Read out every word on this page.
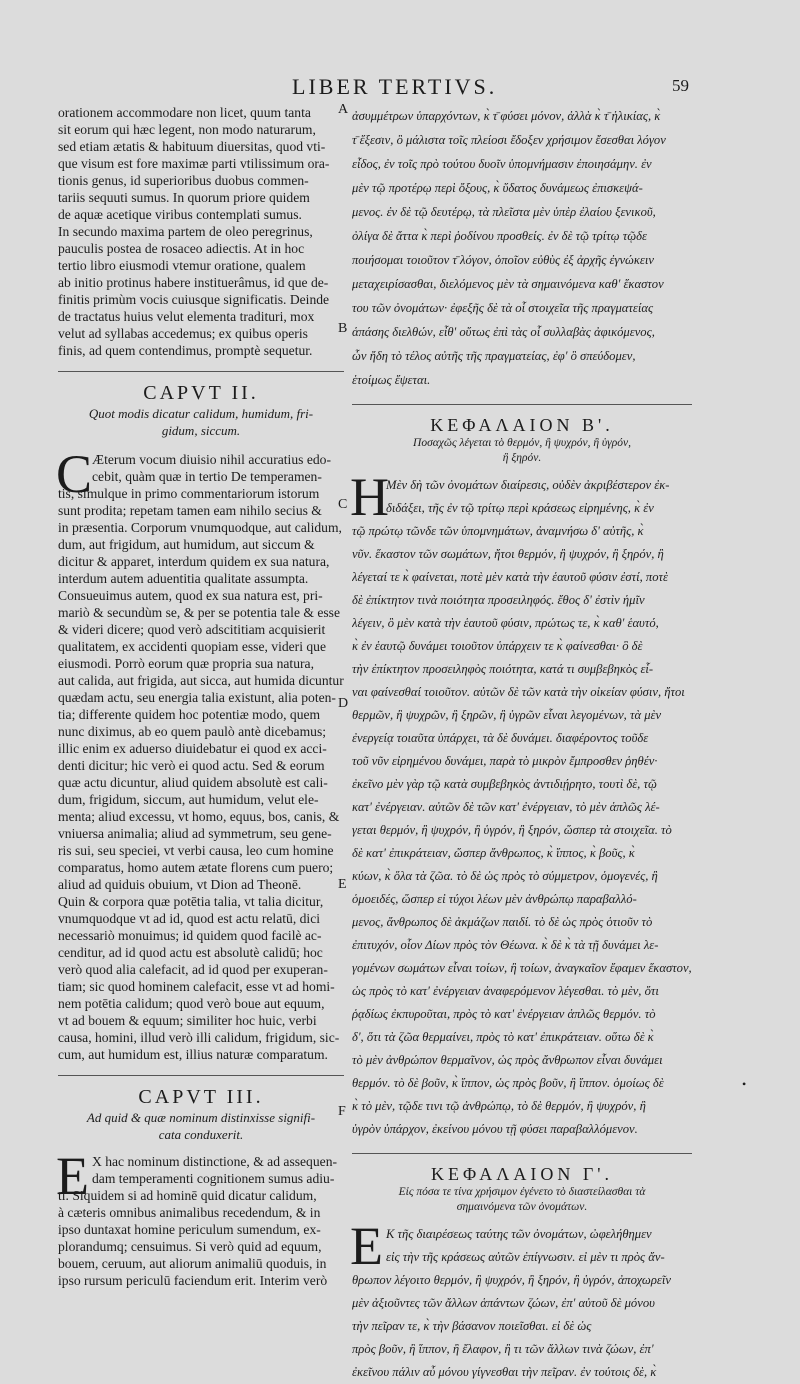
LIBER TERTIVS.	59
A
B
C
D
E
F
orationem accommodare non licet, quum tanta
sit eorum qui hæc legent, non modo naturarum,
sed etiam ætatis & habituum diuersitas, quod vti-
que visum est fore maximæ parti vtilissimum ora-
tionis genus, id superioribus duobus commen-
tariis sequuti sumus. In quorum priore quidem
de aquæ acetique viribus contemplati sumus.
In secundo maxima partem de oleo peregrinus,
pauculis postea de rosaceo adiectis. At in hoc
tertio libro eiusmodi vtemur oratione, qualem
ab initio protinus habere instituerâmus, id que de-
finitis primùm vocis cuiusque significatis. Deinde
de tractatus huius velut elementa tradituri, mox
velut ad syllabas accedemus; ex quibus operis
finis, ad quem contendimus, promptè sequetur.
CAPVT II.
Quot modis dicatur calidum, humidum, fri-
gidum, siccum.
C Æterum vocum diuisio nihil accuratius edo-
cebit, quàm quæ in tertio De temperamen-
tis, simulque in primo commentariorum istorum
sunt prodita; repetam tamen eam nihilo secius &
in præsentia. Corporum vnumquodque, aut calidum,
dum, aut frigidum, aut humidum, aut siccum &
dicitur & apparet, interdum quidem ex sua natura,
interdum autem aduentitia qualitate assumpta.
Consueuimus autem, quod ex sua natura est, pri-
mariò & secundùm se, & per se potentia tale & esse
& videri dicere; quod verò adscititiam acquisierit
qualitatem, ex accidenti quopiam esse, videri que
eiusmodi. Porrò eorum quæ propria sua natura,
aut calida, aut frigida, aut sicca, aut humida dicuntur
quædam actu, seu energia talia existunt, alia poten-
tia; differente quidem hoc potentiæ modo, quem
nunc diximus, ab eo quem paulò antè dicebamus;
illic enim ex aduerso diuidebatur ei quod ex acci-
denti dicitur; hic verò ei quod actu. Sed & eorum
quæ actu dicuntur, aliud quidem absolutè est cali-
dum, frigidum, siccum, aut humidum, velut ele-
menta; aliud excessu, vt homo, equus, bos, canis, &
vniuersa animalia; aliud ad symmetrum, seu gene-
ris sui, seu speciei, vt verbi causa, leo cum homine
comparatus, homo autem ætate florens cum puero;
aliud ad quiduis obuium, vt Dion ad Theonē.
Quin & corpora quæ potētia talia, vt talia dicitur,
vnumquodque vt ad id, quod est actu relatū, dici
necessariò monuimus; id quidem quod facilè ac-
cenditur, ad id quod actu est absolutè calidū; hoc
verò quod alia calefacit, ad id quod per exuperan-
tiam; sic quod hominem calefacit, esse vt ad homi-
nem potētia calidum; quod verò boue aut equum,
vt ad bouem & equum; similiter hoc huic, verbi
causa, homini, illud verò illi calidum, frigidum, sic-
cum, aut humidum est, illius naturæ comparatum.
CAPVT III.
Ad quid & quæ nominum distinxisse signifi-
cata conduxerit.
E X hac nominum distinctione, & ad assequen-
dam temperamenti cognitionem sumus adiu-
ti. Siquidem si ad hominē quid dicatur calidum,
à cæteris omnibus animalibus recedendum, & in
ipso duntaxat homine periculum sumendum, ex-
plorandumq; censuimus. Si verò quid ad equum,
bouem, ceruum, aut aliorum animaliū quoduis, in
ipso rursum periculū faciendum erit. Interim verò
ἀσυμμέτρων ὑπαρχόντων, κ̀ τ̄ φύσει μόνον, ἀλλὰ κ̀ τ̄ ἡλικίας, κ̀
τ̄ ἕξεσιν, ὃ μάλιστα τοῖς πλείοσι ἔδοξεν χρήσιμον ἔσεσθαι λόγον
εἶδος, ἐν τοῖς πρὸ τούτου δυοῖν ὑπομνήμασιν ἐποιησάμην. ἐν
μὲν τῷ προτέρῳ περὶ ὄξους, κ̀ ὕδατος δυνάμεως ἐπισκεψά-
μενος. ἐν δὲ τῷ δευτέρῳ, τὰ πλεῖστα μὲν ὑπὲρ ἐλαίου ξενικοῦ,
ὀλίγα δὲ ἄττα κ̀ περὶ ῥοδίνου προσθείς. ἐν δὲ τῷ τρίτῳ τῷδε
ποιήσομαι τοιοῦτον τ̄ λόγον, ὁποῖον εὐθὺς ἐξ ἀρχῆς ἐγνώκειν
μεταχειρίσασθαι, διελόμενος μὲν τὰ σημαινόμενα καθ' ἕκαστον
του τῶν ὀνομάτων· ἐφεξῆς δὲ τὰ οἷ στοιχεῖα τῆς πραγματείας
ἁπάσης διελθών, εἶθ' οὕτως ἐπὶ τὰς οἷ συλλαβὰς ἀφικόμενος,
ὧν ἤδη τὸ τέλος αὐτῆς τῆς πραγματείας, ἐφ' ὃ σπεύδομεν,
ἑτοίμως ἕψεται.
ΚΕΦΑΛΑΙΟΝ Β'.
Ποσαχῶς λέγεται τὸ θερμόν, ἢ ψυχρόν, ἢ ὑγρόν,
ἢ ξηρόν.
Η
Μὲν δὴ τῶν ὀνομάτων διαίρεσις, οὐδὲν ἀκριβέστερον ἐκ-
διδάξει, τῆς ἐν τῷ τρίτῳ περὶ κράσεως εἰρημένης, κ̀ ἐν
τῷ πρώτῳ τῶνδε τῶν ὑπομνημάτων, ἀναμνήσω δ' αὐτῆς, κ̀
νῦν. ἕκαστον τῶν σωμάτων, ἤτοι θερμόν, ἢ ψυχρόν, ἢ ξηρόν, ἢ
λέγεταί τε κ̀ φαίνεται, ποτὲ μὲν κατὰ τὴν ἑαυτοῦ φύσιν ἐστί, ποτὲ
δὲ ἐπίκτητον τινὰ ποιότητα προσειληφός. ἔθος δ' ἐστὶν ἡμῖν
λέγειν, ὃ μὲν κατὰ τὴν ἑαυτοῦ φύσιν, πρώτως τε, κ̀ καθ' ἑαυτό,
κ̀ ἐν ἑαυτῷ δυνάμει τοιοῦτον ὑπάρχειν τε κ̀ φαίνεσθαι· ὃ δὲ
τὴν ἐπίκτητον προσειληφὸς ποιότητα, κατά τι συμβεβηκὸς εἶ-
ναι φαίνεσθαί τοιοῦτον. αὐτῶν δὲ τῶν κατὰ τὴν οἰκείαν φύσιν, ἤτοι
θερμῶν, ἢ ψυχρῶν, ἢ ξηρῶν, ἢ ὑγρῶν εἶναι λεγομένων, τὰ μὲν
ἐνεργείᾳ τοιαῦτα ὑπάρχει, τὰ δὲ δυνάμει. διαφέροντος τοῦδε
τοῦ νῦν εἰρημένου δυνάμει, παρὰ τὸ μικρὸν ἔμπροσθεν ῥηθέν·
ἐκεῖνο μὲν γὰρ τῷ κατὰ συμβεβηκὸς ἀντιδιῄρητο, τουτὶ δὲ, τῷ
κατ' ἐνέργειαν. αὐτῶν δὲ τῶν κατ' ἐνέργειαν, τὸ μὲν ἁπλῶς λέ-
γεται θερμόν, ἢ ψυχρόν, ἢ ὑγρόν, ἢ ξηρόν, ὥσπερ τὰ στοιχεῖα. τὸ
δὲ κατ' ἐπικράτειαν, ὥσπερ ἄνθρωπος, κ̀ ἵππος, κ̀ βοῦς, κ̀
κύων, κ̀ ὅλα τὰ ζῶα. τὸ δὲ ὡς πρὸς τὸ σύμμετρον, ὁμογενές, ἢ
ὁμοειδές, ὥσπερ εἰ τύχοι λέων μὲν ἀνθρώπῳ παραβαλλό-
μενος, ἄνθρωπος δὲ ἀκμάζων παιδί. τὸ δὲ ὡς πρὸς ὁτιοῦν τὸ
ἐπιτυχόν, οἷον Δίων πρὸς τὸν Θέωνα. κ̀ δὲ κ̀ τὰ τῇ δυνάμει λε-
γομένων σωμάτων εἶναι τοίων, ἢ τοίων, ἀναγκαῖον ἔφαμεν ἕκαστον,
ὡς πρὸς τὸ κατ' ἐνέργειαν ἀναφερόμενον λέγεσθαι. τὸ μὲν, ὅτι
ῥᾳδίως ἐκπυροῦται, πρὸς τὸ κατ' ἐνέργειαν ἁπλῶς θερμόν. τὸ
δ', ὅτι τὰ ζῶα θερμαίνει, πρὸς τὸ κατ' ἐπικράτειαν. οὕτω δὲ κ̀
τὸ μὲν ἀνθρώπον θερμαῖνον, ὡς πρὸς ἄνθρωπον εἶναι δυνάμει
θερμόν. τὸ δὲ βοῦν, κ̀ ἵππον, ὡς πρὸς βοῦν, ἢ ἵππον. ὁμοίως δὲ
κ̀ τὸ μὲν, τῷδε τινι τῷ ἀνθρώπῳ, τὸ δὲ θερμόν, ἢ ψυχρόν, ἢ
ὑγρὸν ὑπάρχον, ἐκείνου μόνου τῇ φύσει παραβαλλόμενον.
ΚΕΦΑΛΑΙΟΝ Γ'.
Εἰς πόσα τε τίνα χρήσιμον ἐγένετο τὸ διαστείλασθαι τὰ
σημαινόμενα τῶν ὀνομάτων.
Ε Κ τῆς διαιρέσεως ταύτης τῶν ὀνομάτων, ὠφελήθημεν
εἰς τὴν τῆς κράσεως αὐτῶν ἐπίγνωσιν. εἰ μὲν τι πρὸς ἄν-
θρωπον λέγοιτο θερμόν, ἢ ψυχρόν, ἢ ξηρόν, ἢ ὑγρόν, ἀποχωρεῖν
μὲν ἀξιοῦντες τῶν ἄλλων ἁπάντων ζώων, ἐπ' αὐτοῦ δὲ μόνου
τὴν πεῖραν τε, κ̀ τὴν βάσανον ποιεῖσθαι. εἰ δὲ ὡς
πρὸς βοῦν, ἢ ἵππον, ἢ ἔλαφον, ἢ τι τῶν ἄλλων τινὰ ζώων, ἐπ'
ἐκεῖνου πάλιν αὖ μόνου γίγνεσθαι τὴν πεῖραν. ἐν τούτοις δὲ, κ̀
•
